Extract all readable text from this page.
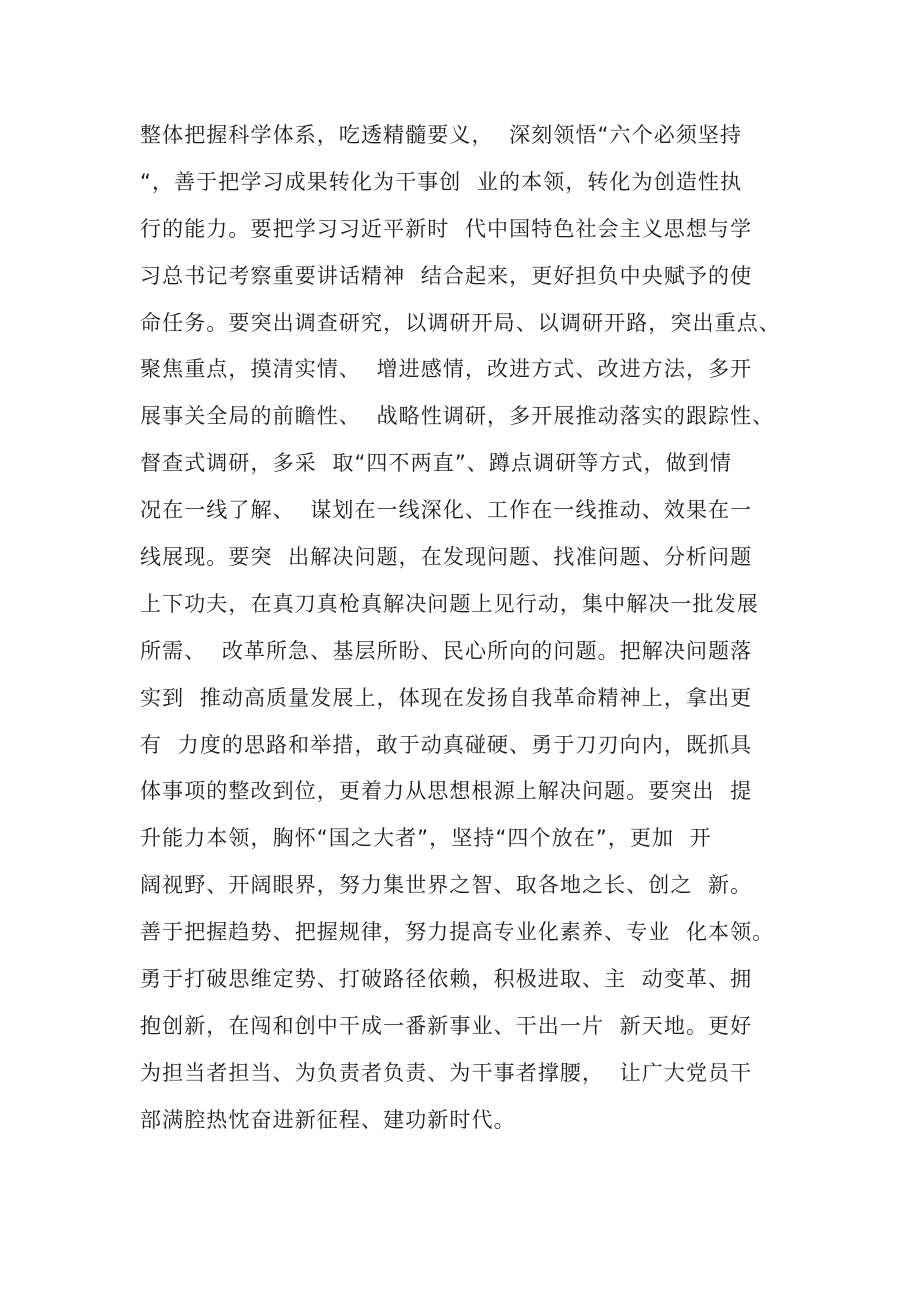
整体把握科学体系，吃透精髓要义，  深刻领悟“六个必须坚持
“，善于把学习成果转化为干事创  业的本领，转化为创造性执
行的能力。要把学习习近平新时  代中国特色社会主义思想与学
习总书记考察重要讲话精神  结合起来，更好担负中央赋予的使
命任务。要突出调查研究，以调研开局、以调研开路，突出重点、
聚焦重点，摸清实情、  增进感情，改进方式、改进方法，多开
展事关全局的前瞻性、  战略性调研，多开展推动落实的跟踪性、
督查式调研，多采  取“四不两直”、蹲点调研等方式，做到情
况在一线了解、  谋划在一线深化、工作在一线推动、效果在一
线展现。要突  出解决问题，在发现问题、找准问题、分析问题
上下功夫，在真刀真枪真解决问题上见行动，集中解决一批发展
所需、  改革所急、基层所盼、民心所向的问题。把解决问题落
实到  推动高质量发展上，体现在发扬自我革命精神上，拿出更
有  力度的思路和举措，敢于动真碰硬、勇于刀刃向内，既抓具
体事项的整改到位，更着力从思想根源上解决问题。要突出  提
升能力本领，胸怀“国之大者”，坚持“四个放在”，更加  开
阔视野、开阔眼界，努力集世界之智、取各地之长、创之  新。
善于把握趋势、把握规律，努力提高专业化素养、专业  化本领。
勇于打破思维定势、打破路径依赖，积极进取、主  动变革、拥
抱创新，在闯和创中干成一番新事业、干出一片  新天地。更好
为担当者担当、为负责者负责、为干事者撑腰，  让广大党员干
部满腔热忱奋进新征程、建功新时代。
